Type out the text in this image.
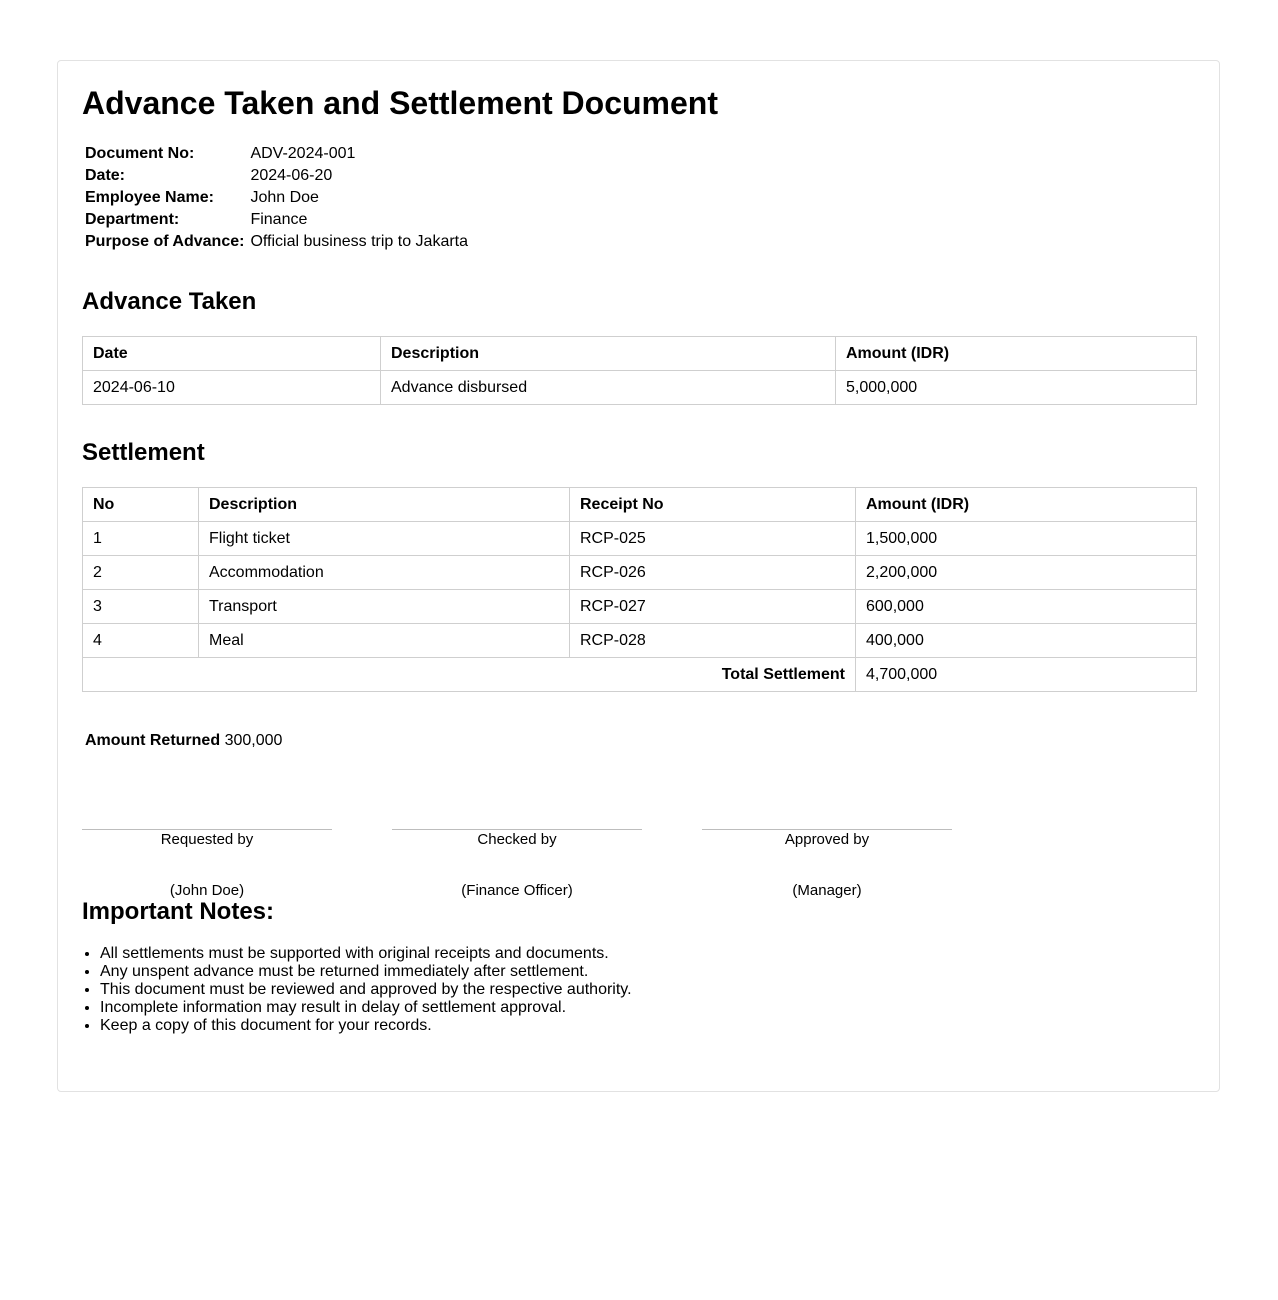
Advance Taken and Settlement Document
Document No:	ADV-2024-001
Date:	2024-06-20
Employee Name:	John Doe
Department:	Finance
Purpose of Advance:	Official business trip to Jakarta
Advance Taken
Date	Description	Amount (IDR)
2024-06-10	Advance disbursed	5,000,000
Settlement
No	Description	Receipt No	Amount (IDR)
1	Flight ticket	RCP-025	1,500,000
2	Accommodation	RCP-026	2,200,000
3	Transport	RCP-027	600,000
4	Meal	RCP-028	400,000
Total Settlement			4,700,000
Amount Returned 300,000
Requested by
(John Doe)
Checked by
(Finance Officer)
Approved by
(Manager)
Important Notes:
• All settlements must be supported with original receipts and documents.
• Any unspent advance must be returned immediately after settlement.
• This document must be reviewed and approved by the respective authority.
• Incomplete information may result in delay of settlement approval.
• Keep a copy of this document for your records.
